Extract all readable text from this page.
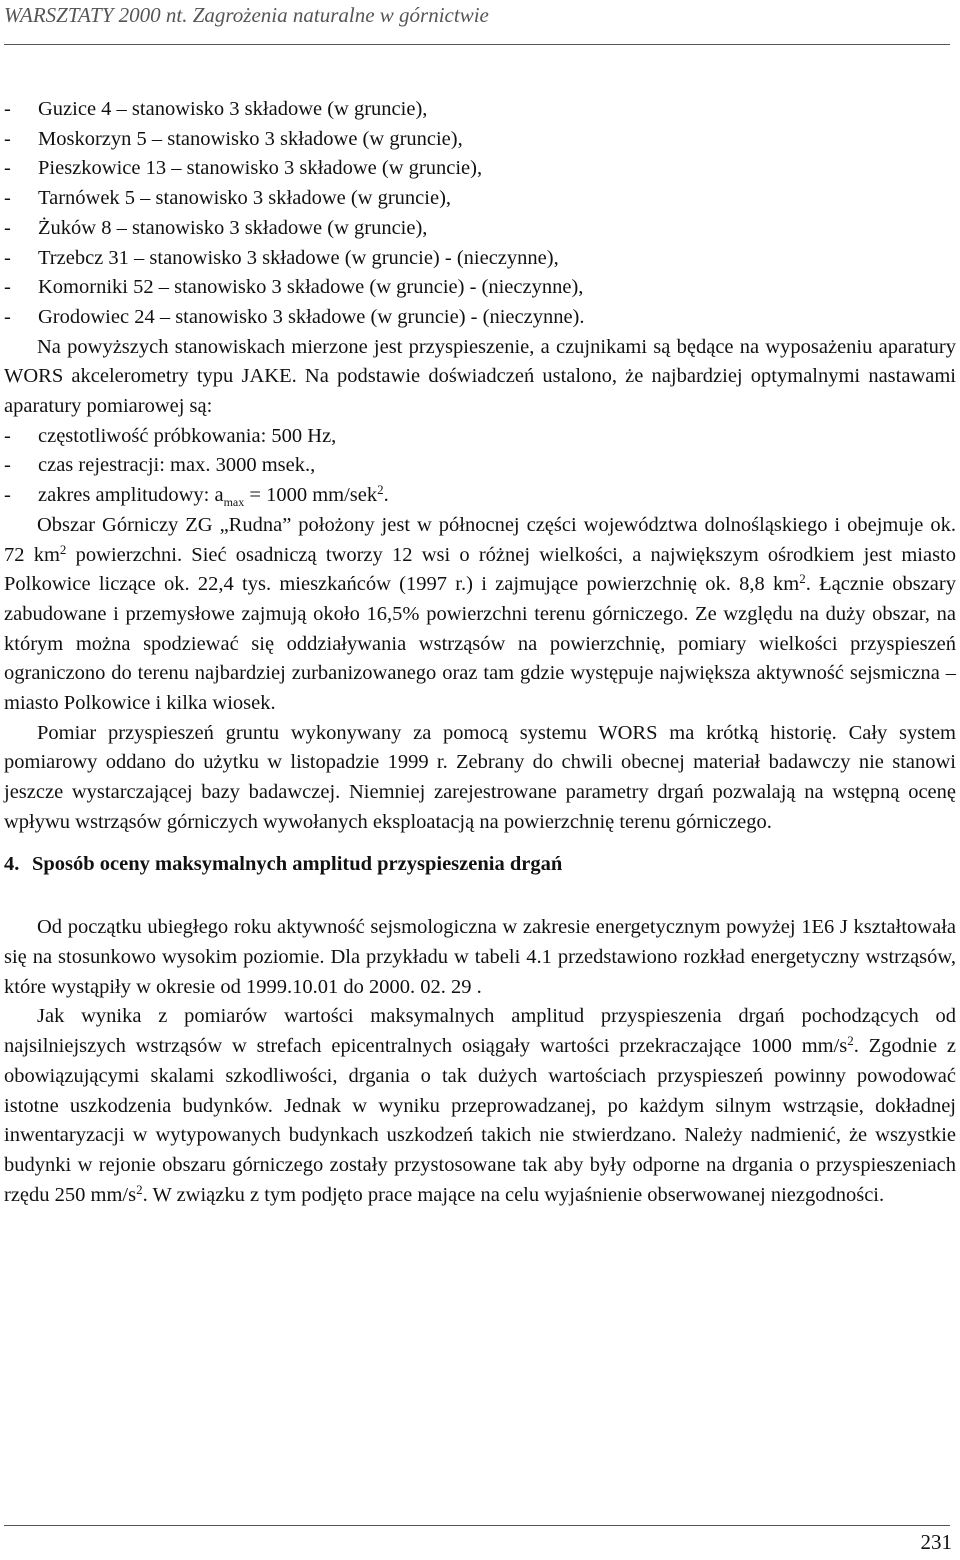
WARSZTATY 2000 nt. Zagrożenia naturalne w górnictwie
-	Guzice 4 – stanowisko 3 składowe (w gruncie),
-	Moskorzyn 5 – stanowisko 3 składowe (w gruncie),
-	Pieszkowice 13 – stanowisko 3 składowe (w gruncie),
-	Tarnówek 5 – stanowisko 3 składowe (w gruncie),
-	Żuków 8 – stanowisko 3 składowe (w gruncie),
-	Trzebcz 31 – stanowisko 3 składowe (w gruncie) - (nieczynne),
-	Komorniki 52 – stanowisko 3 składowe (w gruncie) - (nieczynne),
-	Grodowiec 24 – stanowisko 3 składowe (w gruncie) - (nieczynne).

Na powyższych stanowiskach mierzone jest przyspieszenie, a czujnikami są będące na wyposażeniu aparatury WORS akcelerometry typu JAKE. Na podstawie doświadczeń ustalono, że najbardziej optymalnymi nastawami aparatury pomiarowej są:

-	częstotliwość próbkowania: 500 Hz,
-	czas rejestracji: max. 3000 msek.,
-	zakres amplitudowy: $a_{max} = 1000$ mm/sek$^2$.

Obszar Górniczy ZG „Rudna” położony jest w północnej części województwa dolnośląskiego i obejmuje ok. 72 $km^2$ powierzchni. Sieć osadniczą tworzy 12 wsi o różnej wielkości, a największym ośrodkiem jest miasto Polkowice liczące ok. 22,4 tys. mieszkańców (1997 r.) i zajmujące powierzchnię ok. 8,8 $km^2$. Łącznie obszary zabudowane i przemysłowe zajmują około 16,5% powierzchni terenu górniczego. Ze względu na duży obszar, na którym można spodziewać się oddziaływania wstrząsów na powierzchnię, pomiary wielkości przyspieszeń ograniczono do terenu najbardziej zurbanizowanego oraz tam gdzie występuje największa aktywność sejsmiczna – miasto Polkowice i kilka wiosek.

Pomiar przyspieszeń gruntu wykonywany za pomocą systemu WORS ma krótką historię. Cały system pomiarowy oddano do użytku w listopadzie 1999 r. Zebrany do chwili obecnej materiał badawczy nie stanowi jeszcze wystarczającej bazy badawczej. Niemniej zarejestrowane parametry drgań pozwalają na wstępną ocenę wpływu wstrząsów górniczych wywołanych eksploatacją na powierzchnię terenu górniczego.

4. Sposób oceny maksymalnych amplitud przyspieszenia drgań

Od początku ubiegłego roku aktywność sejsmologiczna w zakresie energetycznym powyżej 1E6 J kształtowała się na stosunkowo wysokim poziomie. Dla przykładu w tabeli 4.1 przedstawiono rozkład energetyczny wstrząsów, które wystąpiły w okresie od 1999.10.01 do 2000. 02. 29 .

Jak wynika z pomiarów wartości maksymalnych amplitud przyspieszenia drgań pochodzących od najsilniejszych wstrząsów w strefach epicentralnych osiągały wartości przekraczające 1000 $mm/s^2$. Zgodnie z obowiązującymi skalami szkodliwości, drgania o tak dużych wartościach przyspieszeń powinny powodować istotne uszkodzenia budynków. Jednak w wyniku przeprowadzanej, po każdym silnym wstrząsie, dokładnej inwentaryzacji w wytypowanych budynkach uszkodzeń takich nie stwierdzano. Należy nadmienić, że wszystkie budynki w rejonie obszaru górniczego zostały przystosowane tak aby były odporne na drgania o przyspieszeniach rzędu 250 $mm/s^2$. W związku z tym podjęto prace mające na celu wyjaśnienie obserwowanej niezgodności.

231
